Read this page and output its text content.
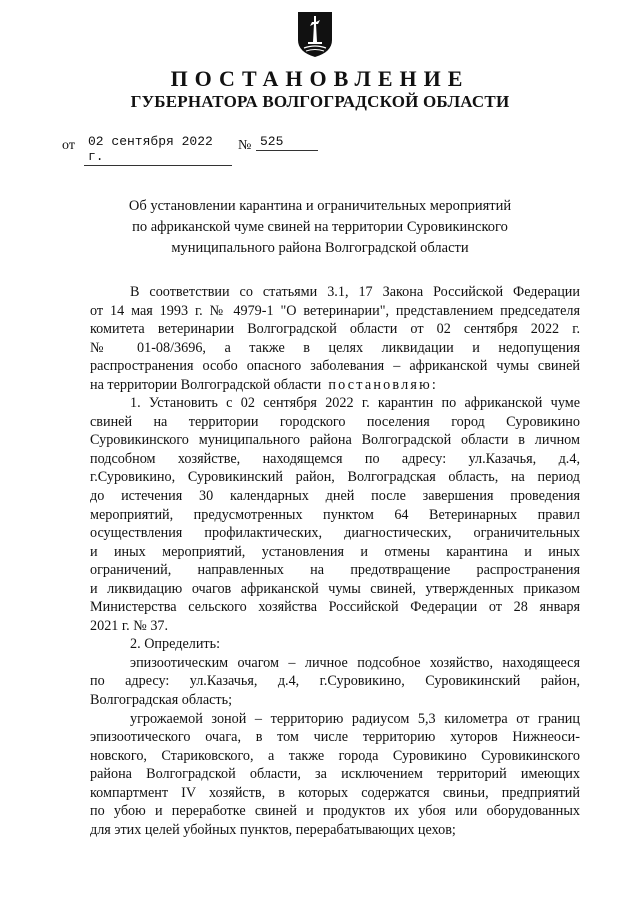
ПОСТАНОВЛЕНИЕ
ГУБЕРНАТОРА ВОЛГОГРАДСКОЙ ОБЛАСТИ
от	02 сентября 2022 г.
№ 525
Об установлении карантина и ограничительных мероприятий
по африканской чуме свиней на территории Суровикинского
муниципального района Волгоградской области

В соответствии со статьями 3.1, 17 Закона Российской Федерации

от 14 мая 1993 г. № 4979-1 "О ветеринарии", представлением председателя

комитета ветеринарии Волгоградской области от 02 сентября 2022 г.

№ 01-08/3696, а также в целях ликвидации и недопущения

распространения особо опасного заболевания – африканской чумы свиней

на территории Волгоградской области постановляю:

1. Установить с 02 сентября 2022 г. карантин по африканской чуме

свиней на территории городского поселения город Суровикино

Суровикинского муниципального района Волгоградской области в личном

подсобном хозяйстве, находящемся по адресу: ул.Казачья, д.4,

г.Суровикино, Суровикинский район, Волгоградская область, на период

до истечения 30 календарных дней после завершения проведения

мероприятий, предусмотренных пунктом 64 Ветеринарных правил

осуществления профилактических, диагностических, ограничительных

и иных мероприятий, установления и отмены карантина и иных

ограничений, направленных на предотвращение распространения

и ликвидацию очагов африканской чумы свиней, утвержденных приказом

Министерства сельского хозяйства Российской Федерации от 28 января

2021 г. № 37.

2. Определить:

эпизоотическим очагом – личное подсобное хозяйство, находящееся

по адресу: ул.Казачья, д.4, г.Суровикино, Суровикинский район,

Волгоградская область;

угрожаемой зоной – территорию радиусом 5,3 километра от границ

эпизоотического очага, в том числе территорию хуторов Нижнеоси-

новского, Стариковского, а также города Суровикино Суровикинского

района Волгоградской области, за исключением территорий имеющих

компартмент IV хозяйств, в которых содержатся свиньи, предприятий

по убою и переработке свиней и продуктов их убоя или оборудованных

для этих целей убойных пунктов, перерабатывающих цехов;
